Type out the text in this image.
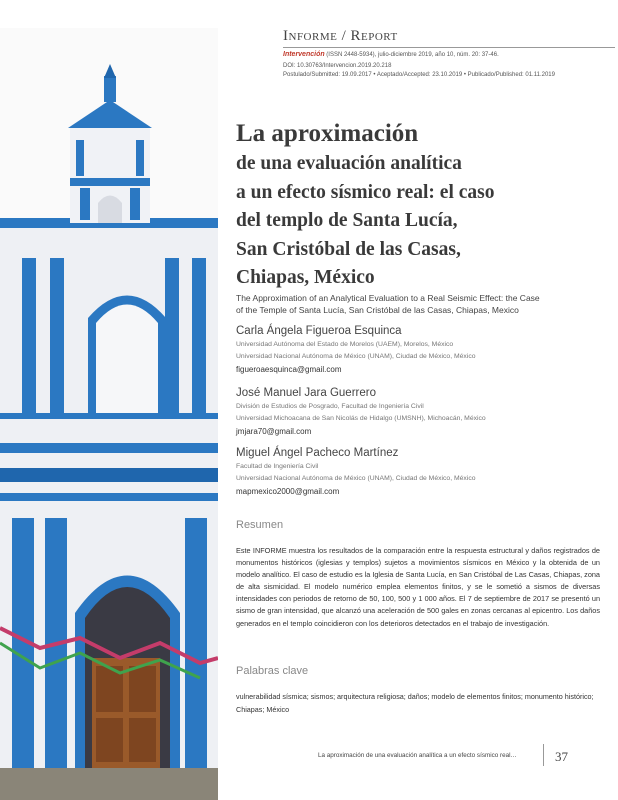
Informe / Report
Intervención (ISSN 2448-5934), julio-diciembre 2019, año 10, núm. 20: 37-46.
DOI: 10.30763/Intervencion.2019.20.218
Postulado/Submitted: 19.09.2017 • Aceptado/Accepted: 23.10.2019 • Publicado/Published: 01.11.2019
La aproximación
de una evaluación analítica
a un efecto sísmico real: el caso
del templo de Santa Lucía,
San Cristóbal de las Casas,
Chiapas, México
The Approximation of an Analytical Evaluation to a Real Seismic Effect: the Case
of the Temple of Santa Lucía, San Cristóbal de las Casas, Chiapas, Mexico
Carla Ángela Figueroa Esquinca
Universidad Autónoma del Estado de Morelos (UAEM), Morelos, México
Universidad Nacional Autónoma de México (UNAM), Ciudad de México, México
figueroaesquinca@gmail.com
José Manuel Jara Guerrero
División de Estudios de Posgrado, Facultad de Ingeniería Civil
Universidad Michoacana de San Nicolás de Hidalgo (UMSNH), Michoacán, México
jmjara70@gmail.com
Miguel Ángel Pacheco Martínez
Facultad de Ingeniería Civil
Universidad Nacional Autónoma de México (UNAM), Ciudad de México, México
mapmexico2000@gmail.com
Resumen
Este INFORME muestra los resultados de la comparación entre la respuesta estructural y daños registrados de monumentos históricos (iglesias y templos) sujetos a movimientos sísmicos en México y la obtenida de un modelo analítico. El caso de estudio es la Iglesia de Santa Lucía, en San Cristóbal de Las Casas, Chiapas, zona de alta sismicidad. El modelo numérico emplea elementos finitos, y se le sometió a sismos de diversas intensidades con periodos de retorno de 50, 100, 500 y 1 000 años. El 7 de septiembre de 2017 se presentó un sismo de gran intensidad, que alcanzó una aceleración de 500 gales en zonas cercanas al epicentro. Los daños generados en el templo coincidieron con los deterioros detectados en el trabajo de investigación.
Palabras clave
vulnerabilidad sísmica; sismos; arquitectura religiosa; daños; modelo de elementos finitos; monumento histórico; Chiapas; México
La aproximación de una evaluación analítica a un efecto sísmico real…	37
